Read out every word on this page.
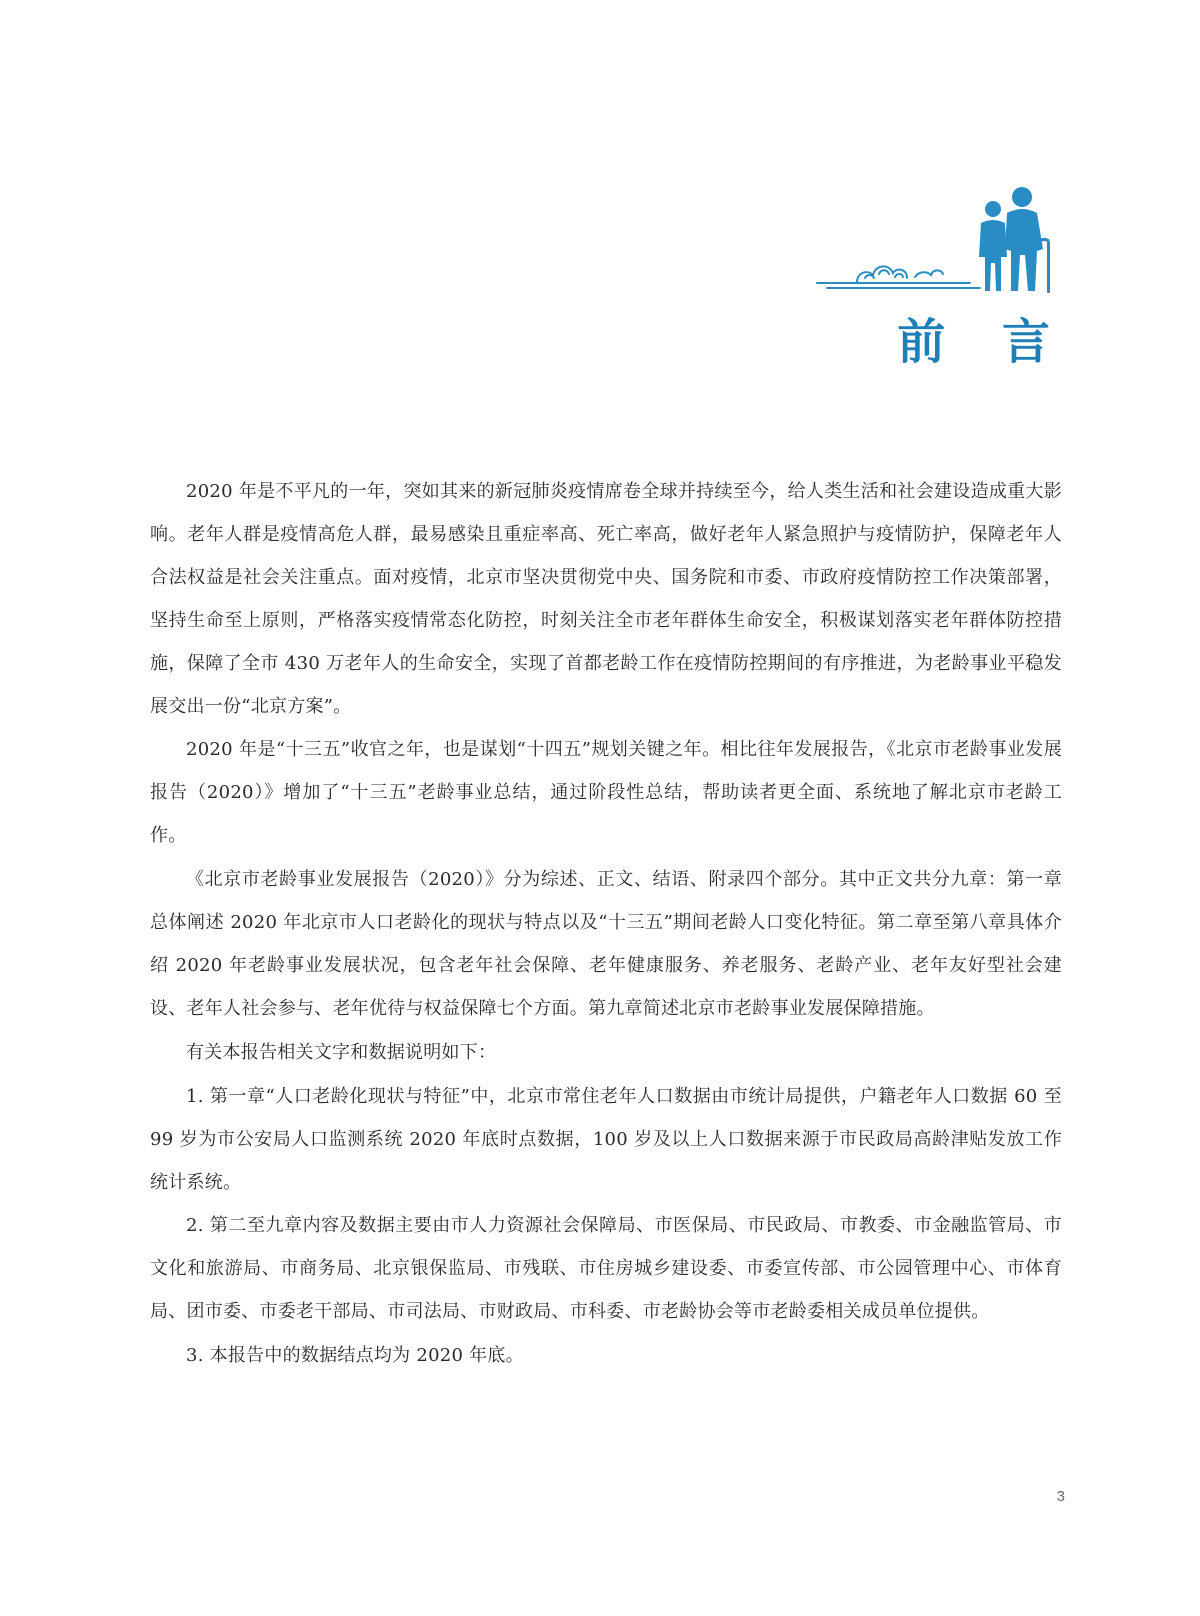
前 言

2020 年是不平凡的一年，突如其来的新冠肺炎疫情席卷全球并持续至今，给人类生活和社会建设造成重大影响。老年人群是疫情高危人群，最易感染且重症率高、死亡率高，做好老年人紧急照护与疫情防护，保障老年人合法权益是社会关注重点。面对疫情，北京市坚决贯彻党中央、国务院和市委、市政府疫情防控工作决策部署，坚持生命至上原则，严格落实疫情常态化防控，时刻关注全市老年群体生命安全，积极谋划落实老年群体防控措施，保障了全市 430 万老年人的生命安全，实现了首都老龄工作在疫情防控期间的有序推进，为老龄事业平稳发展交出一份“北京方案”。

2020 年是“十三五”收官之年，也是谋划“十四五”规划关键之年。相比往年发展报告，《北京市老龄事业发展报告（2020）》增加了“十三五”老龄事业总结，通过阶段性总结，帮助读者更全面、系统地了解北京市老龄工作。

《北京市老龄事业发展报告（2020）》分为综述、正文、结语、附录四个部分。其中正文共分九章：第一章总体阐述 2020 年北京市人口老龄化的现状与特点以及“十三五”期间老龄人口变化特征。第二章至第八章具体介绍 2020 年老龄事业发展状况，包含老年社会保障、老年健康服务、养老服务、老龄产业、老年友好型社会建设、老年人社会参与、老年优待与权益保障七个方面。第九章简述北京市老龄事业发展保障措施。

有关本报告相关文字和数据说明如下：

1. 第一章“人口老龄化现状与特征”中，北京市常住老年人口数据由市统计局提供，户籍老年人口数据 60 至 99 岁为市公安局人口监测系统 2020 年底时点数据，100 岁及以上人口数据来源于市民政局高龄津贴发放工作统计系统。

2. 第二至九章内容及数据主要由市人力资源社会保障局、市医保局、市民政局、市教委、市金融监管局、市文化和旅游局、市商务局、北京银保监局、市残联、市住房城乡建设委、市委宣传部、市公园管理中心、市体育局、团市委、市委老干部局、市司法局、市财政局、市科委、市老龄协会等市老龄委相关成员单位提供。

3. 本报告中的数据结点均为 2020 年底。

3
